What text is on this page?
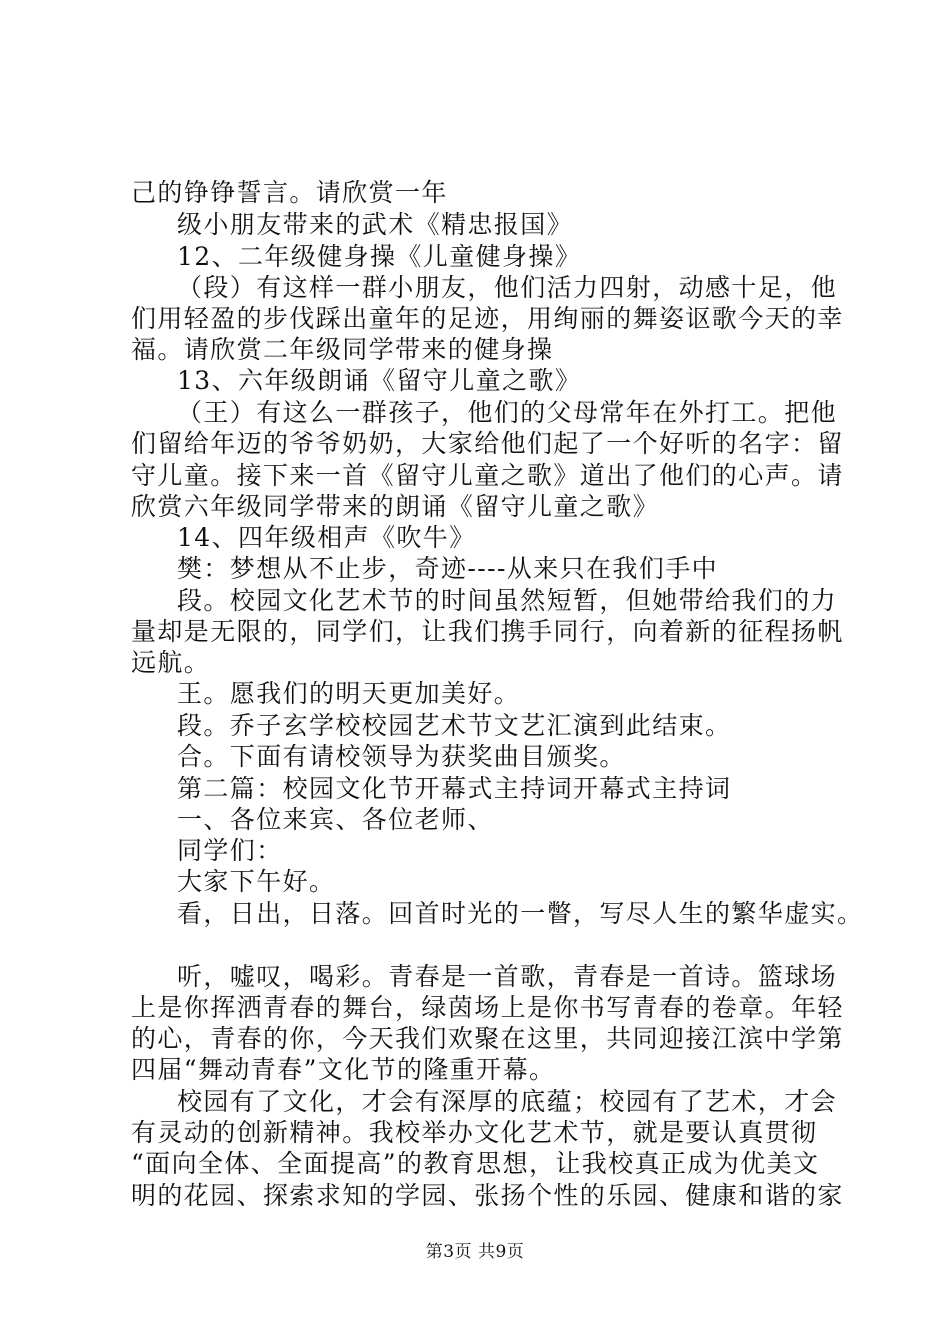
己的铮铮誓言。请欣赏一年
级小朋友带来的武术《精忠报国》
12、二年级健身操《儿童健身操》
（段）有这样一群小朋友，他们活力四射，动感十足，他
们用轻盈的步伐踩出童年的足迹，用绚丽的舞姿讴歌今天的幸
福。请欣赏二年级同学带来的健身操
13、六年级朗诵《留守儿童之歌》
（王）有这么一群孩子，他们的父母常年在外打工。把他
们留给年迈的爷爷奶奶，大家给他们起了一个好听的名字：留
守儿童。接下来一首《留守儿童之歌》道出了他们的心声。请
欣赏六年级同学带来的朗诵《留守儿童之歌》
14、四年级相声《吹牛》
樊：梦想从不止步，奇迹----从来只在我们手中
段。校园文化艺术节的时间虽然短暂，但她带给我们的力
量却是无限的，同学们，让我们携手同行，向着新的征程扬帆
远航。
王。愿我们的明天更加美好。
段。乔子玄学校校园艺术节文艺汇演到此结束。
合。下面有请校领导为获奖曲目颁奖。
第二篇：校园文化节开幕式主持词开幕式主持词
一、各位来宾、各位老师、
同学们：
大家下午好。
看，日出，日落。回首时光的一瞥，写尽人生的繁华虚实。
听，嘘叹，喝彩。青春是一首歌，青春是一首诗。篮球场
上是你挥洒青春的舞台，绿茵场上是你书写青春的卷章。年轻
的心，青春的你，今天我们欢聚在这里，共同迎接江滨中学第
四届“舞动青春”文化节的隆重开幕。
校园有了文化，才会有深厚的底蕴；校园有了艺术，才会
有灵动的创新精神。我校举办文化艺术节，就是要认真贯彻
“面向全体、全面提高”的教育思想，让我校真正成为优美文
明的花园、探索求知的学园、张扬个性的乐园、健康和谐的家
第3页 共9页
